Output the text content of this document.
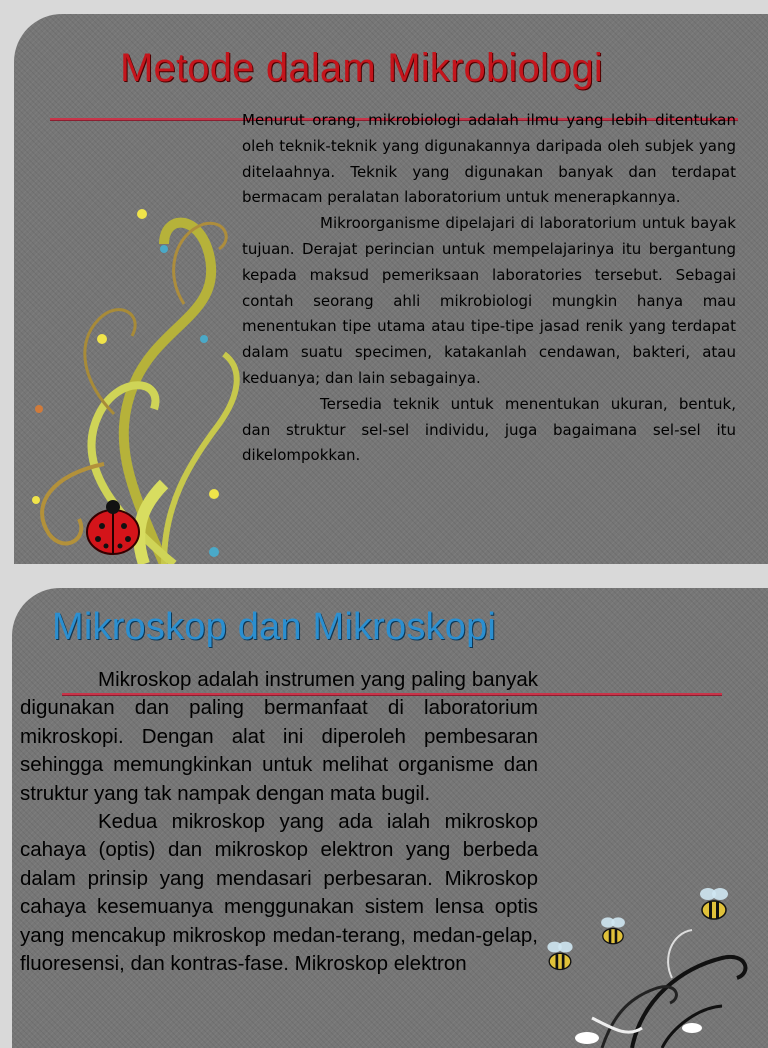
Metode dalam Mikrobiologi

Menurut orang, mikrobiologi adalah ilmu yang lebih ditentukan oleh teknik-teknik yang digunakannya daripada oleh subjek yang ditelaahnya. Teknik yang digunakan banyak dan terdapat bermacam peralatan laboratorium untuk menerapkannya.

Mikroorganisme dipelajari di laboratorium untuk bayak tujuan. Derajat perincian untuk mempelajarinya itu bergantung kepada maksud pemeriksaan laboratories tersebut. Sebagai contah seorang ahli mikrobiologi mungkin hanya mau menentukan tipe utama atau tipe-tipe jasad renik yang terdapat dalam suatu specimen, katakanlah cendawan, bakteri, atau keduanya; dan lain sebagainya.

Tersedia teknik untuk menentukan ukuran, bentuk, dan struktur sel-sel individu, juga bagaimana sel-sel itu dikelompokkan.

Mikroskop dan Mikroskopi

Mikroskop adalah instrumen yang paling banyak digunakan dan paling bermanfaat di laboratorium mikroskopi. Dengan alat ini diperoleh pembesaran sehingga memungkinkan untuk melihat organisme dan struktur yang tak nampak dengan mata bugil.

Kedua mikroskop yang ada ialah mikroskop cahaya (optis) dan mikroskop elektron yang berbeda dalam prinsip yang mendasari perbesaran. Mikroskop cahaya kesemuanya menggunakan sistem lensa optis yang mencakup mikroskop medan-terang, medan-gelap, fluoresensi, dan kontras-fase. Mikroskop elektron
